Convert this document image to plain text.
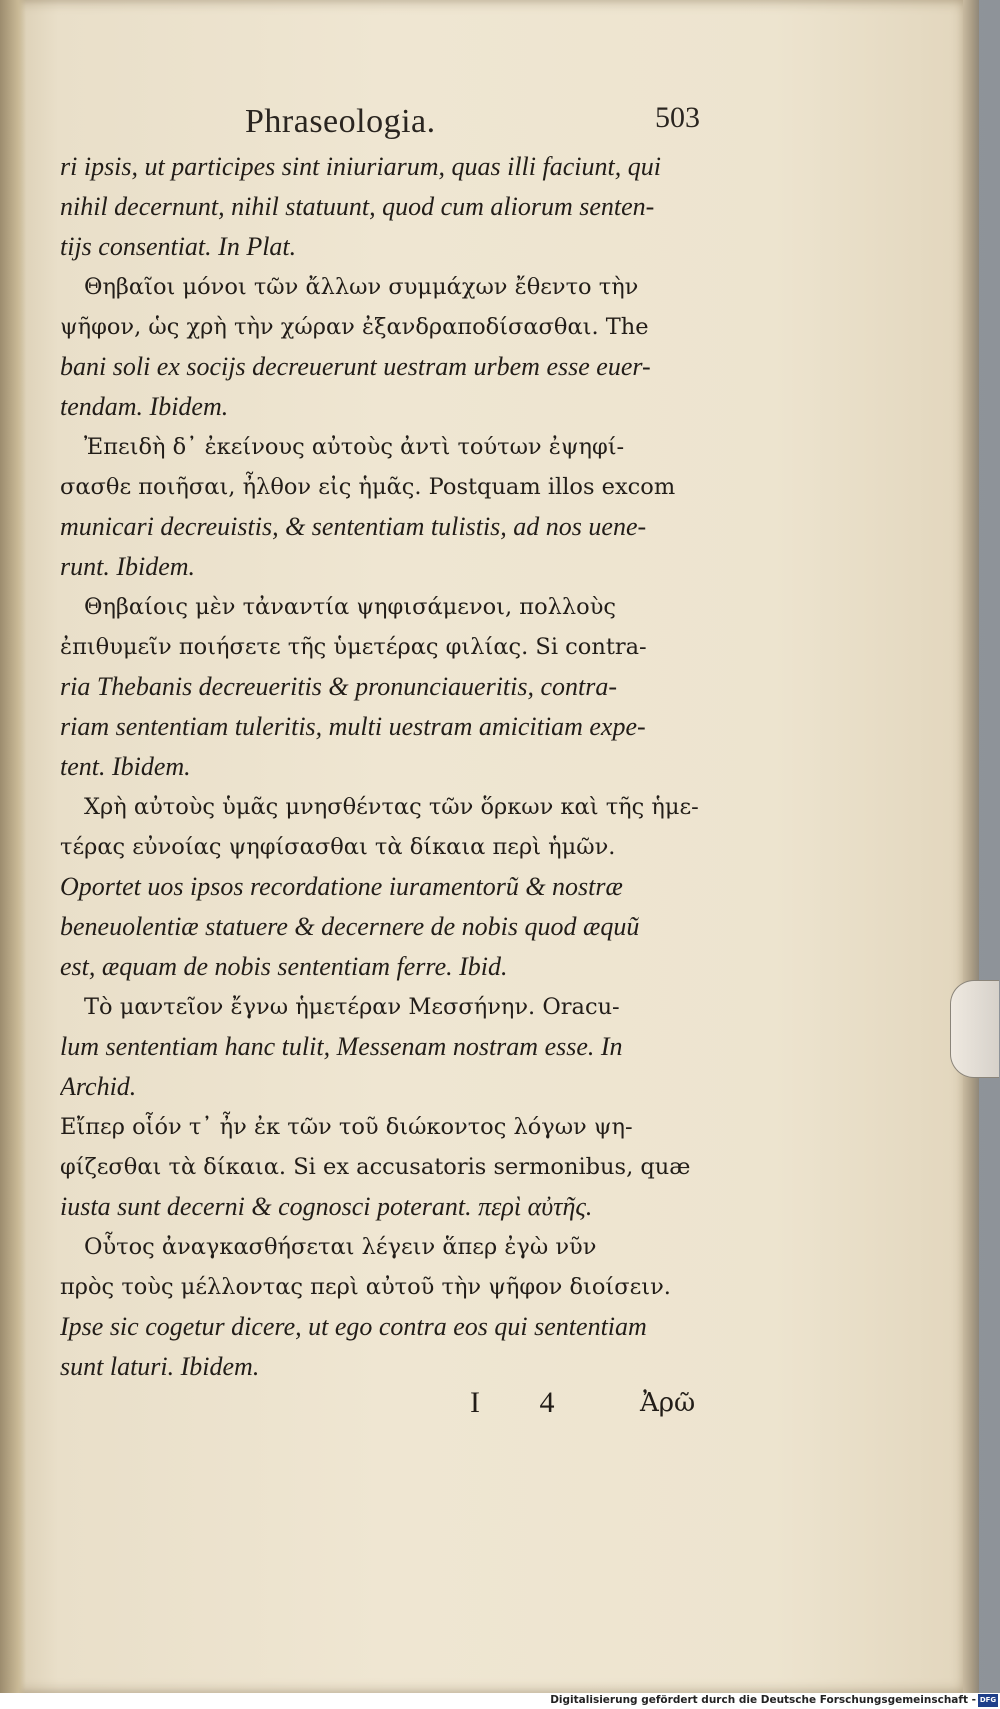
Phraseologia.	503
ri ipsis, ut participes sint iniuriarum, quas illi faciunt, qui
nihil decernunt, nihil statuunt, quod cum aliorum senten-
tijs consentiat. In Plat.
Θηβαῖοι μόνοι τῶν ἄλλων συμμάχων ἔθεντο τὴν
ψῆφον, ὡς χρὴ τὴν χώραν ἐξανδραποδίσασθαι. The
bani soli ex socijs decreuerunt uestram urbem esse euer-
tendam. Ibidem.
Ἐπειδὴ δ᾽ ἐκείνους αὐτοὺς ἀντὶ τούτων ἐψηφί-
σασθε ποιῆσαι, ἦλθον εἰς ἡμᾶς. Postquam illos excom
municari decreuistis, & sententiam tulistis, ad nos uene-
runt. Ibidem.
Θηβαίοις μὲν τἀναντία ψηφισάμενοι, πολλοὺς
ἐπιθυμεῖν ποιήσετε τῆς ὑμετέρας φιλίας. Si contra-
ria Thebanis decreueritis & pronunciaueritis, contra-
riam sententiam tuleritis, multi uestram amicitiam expe-
tent. Ibidem.
Χρὴ αὐτοὺς ὑμᾶς μνησθέντας τῶν ὅρκων καὶ τῆς ἡμε-
τέρας εὐνοίας ψηφίσασθαι τὰ δίκαια περὶ ἡμῶν.
Oportet uos ipsos recordatione iuramentorũ & nostræ
beneuolentiæ statuere & decernere de nobis quod æquũ
est, æquam de nobis sententiam ferre. Ibid.
Τὸ μαντεῖον ἔγνω ἡμετέραν Μεσσήνην. Oracu-
lum sententiam hanc tulit, Messenam nostram esse. In
Archid.
Εἴπερ οἷόν τ᾽ ἦν ἐκ τῶν τοῦ διώκοντος λόγων ψη-
φίζεσθαι τὰ δίκαια. Si ex accusatoris sermonibus, quæ
iusta sunt decerni & cognosci poterant. περὶ αὐτῆς.
Οὗτος ἀναγκασθήσεται λέγειν ἅπερ ἐγὼ νῦν
πρὸς τοὺς μέλλοντας περὶ αὐτοῦ τὴν ψῆφον διοίσειν.
Ipse sic cogetur dicere, ut ego contra eos qui sententiam
sunt laturi. Ibidem.
I 4 Ἀρῶ
Digitalisierung gefördert durch die Deutsche Forschungsgemeinschaft - DFG
